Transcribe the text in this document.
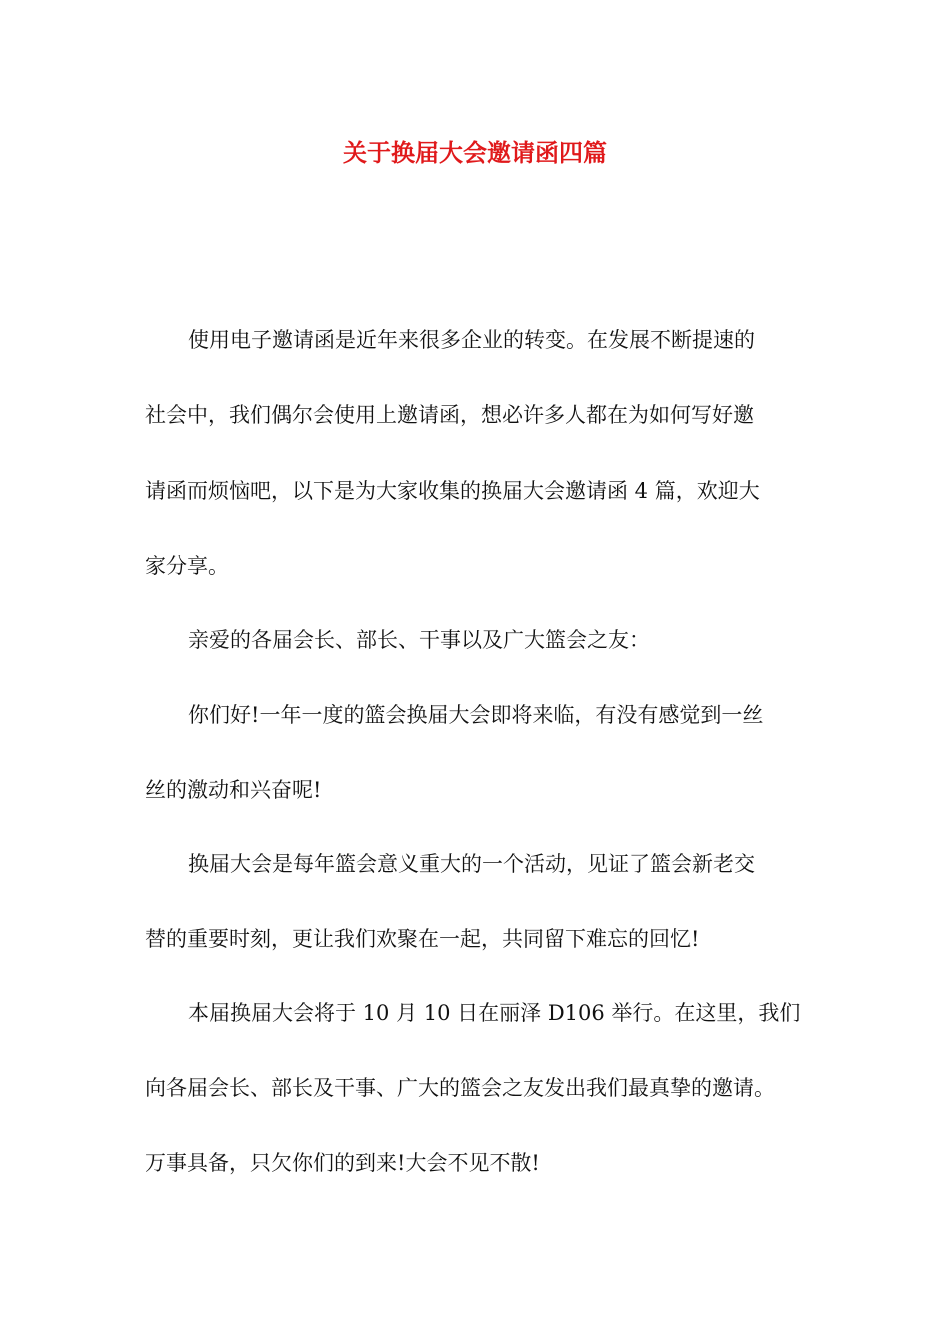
关于换届大会邀请函四篇

使用电子邀请函是近年来很多企业的转变。在发展不断提速的

社会中，我们偶尔会使用上邀请函，想必许多人都在为如何写好邀

请函而烦恼吧，以下是为大家收集的换届大会邀请函 4 篇，欢迎大

家分享。

亲爱的各届会长、部长、干事以及广大篮会之友：

你们好!一年一度的篮会换届大会即将来临，有没有感觉到一丝

丝的激动和兴奋呢!

换届大会是每年篮会意义重大的一个活动，见证了篮会新老交

替的重要时刻，更让我们欢聚在一起，共同留下难忘的回忆!

本届换届大会将于 10 月 10 日在丽泽 D106 举行。在这里，我们

向各届会长、部长及干事、广大的篮会之友发出我们最真挚的邀请。

万事具备，只欠你们的到来!大会不见不散!
